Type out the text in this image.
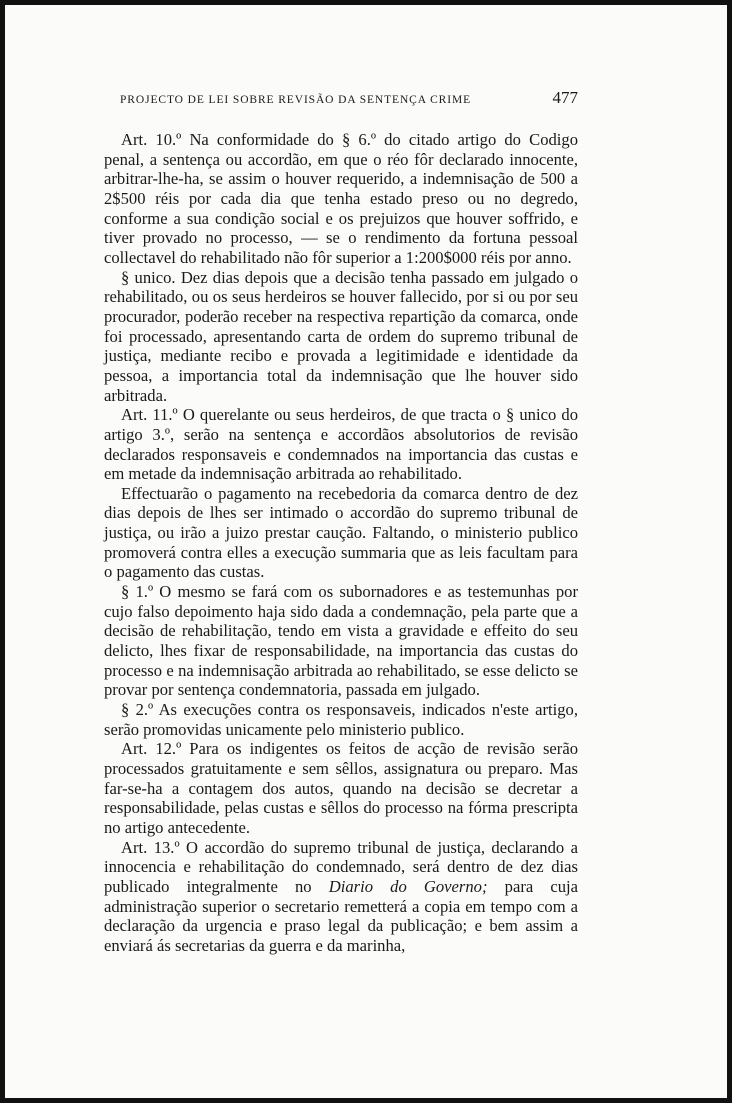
PROJECTO DE LEI SOBRE REVISÃO DA SENTENÇA CRIME	477

Art. 10.º Na conformidade do § 6.º do citado artigo do Codigo penal, a sentença ou accordão, em que o réo fôr declarado innocente, arbitrar-lhe-ha, se assim o houver requerido, a indemnisação de 500 a 2$500 réis por cada dia que tenha estado preso ou no degredo, conforme a sua condição social e os prejuizos que houver soffrido, e tiver provado no processo, — se o rendimento da fortuna pessoal collectavel do rehabilitado não fôr superior a 1:200$000 réis por anno.

§ unico. Dez dias depois que a decisão tenha passado em julgado o rehabilitado, ou os seus herdeiros se houver fallecido, por si ou por seu procurador, poderão receber na respectiva repartição da comarca, onde foi processado, apresentando carta de ordem do supremo tribunal de justiça, mediante recibo e provada a legitimidade e identidade da pessoa, a importancia total da indemnisação que lhe houver sido arbitrada.

Art. 11.º O querelante ou seus herdeiros, de que tracta o § unico do artigo 3.º, serão na sentença e accordãos absolutorios de revisão declarados responsaveis e condemnados na importancia das custas e em metade da indemnisação arbitrada ao rehabilitado.

Effectuarão o pagamento na recebedoria da comarca dentro de dez dias depois de lhes ser intimado o accordão do supremo tribunal de justiça, ou irão a juizo prestar caução. Faltando, o ministerio publico promoverá contra elles a execução summaria que as leis facultam para o pagamento das custas.

§ 1.º O mesmo se fará com os subornadores e as testemunhas por cujo falso depoimento haja sido dada a condemnação, pela parte que a decisão de rehabilitação, tendo em vista a gravidade e effeito do seu delicto, lhes fixar de responsabilidade, na importancia das custas do processo e na indemnisação arbitrada ao rehabilitado, se esse delicto se provar por sentença condemnatoria, passada em julgado.

§ 2.º As execuções contra os responsaveis, indicados n'este artigo, serão promovidas unicamente pelo ministerio publico.

Art. 12.º Para os indigentes os feitos de acção de revisão serão processados gratuitamente e sem sêllos, assignatura ou preparo. Mas far-se-ha a contagem dos autos, quando na decisão se decretar a responsabilidade, pelas custas e sêllos do processo na fórma prescripta no artigo antecedente.

Art. 13.º O accordão do supremo tribunal de justiça, declarando a innocencia e rehabilitação do condemnado, será dentro de dez dias publicado integralmente no Diario do Governo; para cuja administração superior o secretario remetterá a copia em tempo com a declaração da urgencia e praso legal da publicação; e bem assim a enviará ás secretarias da guerra e da marinha,
